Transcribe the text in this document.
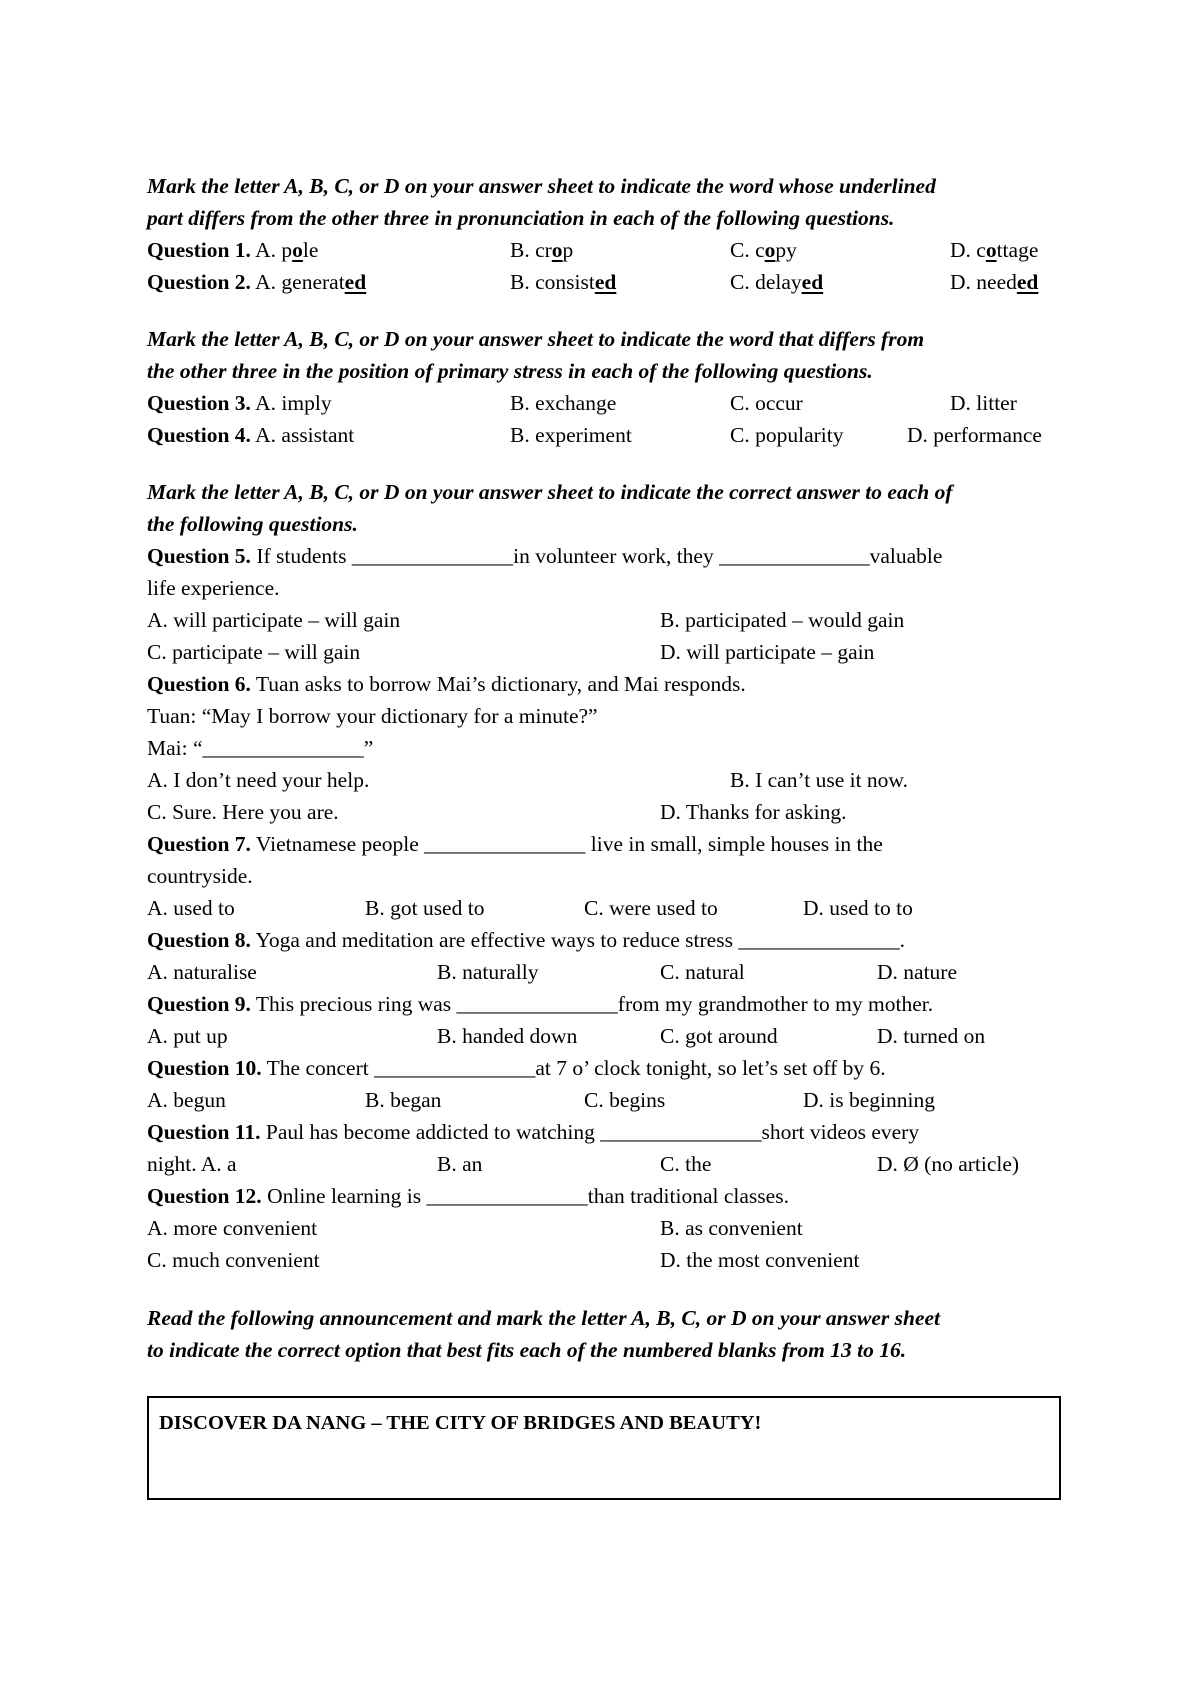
Mark the letter A, B, C, or D on your answer sheet to indicate the word whose underlined
part differs from the other three in pronunciation in each of the following questions.
Question 1. A. pole	B. crop	C. copy	D. cottage
Question 2. A. generated	B. consisted	C. delayed	D. needed
Mark the letter A, B, C, or D on your answer sheet to indicate the word that differs from
the other three in the position of primary stress in each of the following questions.
Question 3. A. imply	B. exchange	C. occur	D. litter
Question 4. A. assistant	B. experiment	C. popularity	D. performance
Mark the letter A, B, C, or D on your answer sheet to indicate the correct answer to each of
the following questions.
Question 5. If students _______________in volunteer work, they ______________valuable
life experience.
A. will participate – will gain	B. participated – would gain
C. participate – will gain	D. will participate – gain
Question 6. Tuan asks to borrow Mai’s dictionary, and Mai responds.
Tuan: “May I borrow your dictionary for a minute?”
Mai: “_______________”
A. I don’t need your help.	B. I can’t use it now.
C. Sure. Here you are.	D. Thanks for asking.
Question 7. Vietnamese people _______________ live in small, simple houses in the
countryside.
A. used to	B. got used to	C. were used to	D. used to to
Question 8. Yoga and meditation are effective ways to reduce stress _______________.
A. naturalise	B. naturally	C. natural	D. nature
Question 9. This precious ring was _______________from my grandmother to my mother.
A. put up	B. handed down	C. got around	D. turned on
Question 10. The concert _______________at 7 o’ clock tonight, so let’s set off by 6.
A. begun	B. began	C. begins	D. is beginning
Question 11. Paul has become addicted to watching _______________short videos every
night. A. a	B. an	C. the	D. Ø (no article)
Question 12. Online learning is _______________than traditional classes.
A. more convenient	B. as convenient
C. much convenient	D. the most convenient
Read the following announcement and mark the letter A, B, C, or D on your answer sheet
to indicate the correct option that best fits each of the numbered blanks from 13 to 16.
DISCOVER DA NANG – THE CITY OF BRIDGES AND BEAUTY!
